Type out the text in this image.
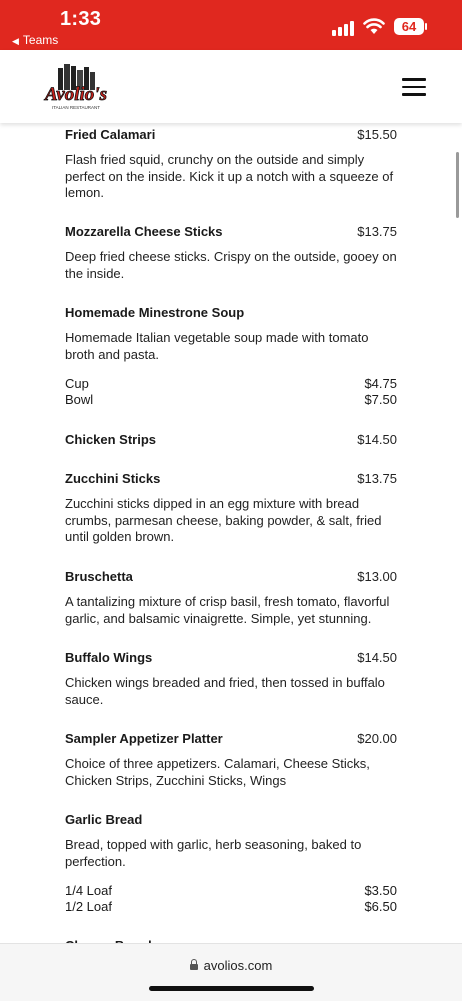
1:33
◀ Teams
64
Avolio's
ITALIAN RESTAURANT
Fried Calamari	$15.50
Flash fried squid, crunchy on the outside and simply perfect on the inside. Kick it up a notch with a squeeze of lemon.
Mozzarella Cheese Sticks	$13.75
Deep fried cheese sticks. Crispy on the outside, gooey on the inside.
Homemade Minestrone Soup
Homemade Italian vegetable soup made with tomato broth and pasta.
Cup	$4.75
Bowl	$7.50
Chicken Strips	$14.50
Zucchini Sticks	$13.75
Zucchini sticks dipped in an egg mixture with bread crumbs, parmesan cheese, baking powder, & salt, fried until golden brown.
Bruschetta	$13.00
A tantalizing mixture of crisp basil, fresh tomato, flavorful garlic, and balsamic vinaigrette. Simple, yet stunning.
Buffalo Wings	$14.50
Chicken wings breaded and fried, then tossed in buffalo sauce.
Sampler Appetizer Platter	$20.00
Choice of three appetizers. Calamari, Cheese Sticks, Chicken Strips, Zucchini Sticks, Wings
Garlic Bread
Bread, topped with garlic, herb seasoning, baked to perfection.
1/4 Loaf	$3.50
1/2 Loaf	$6.50
avolios.com
